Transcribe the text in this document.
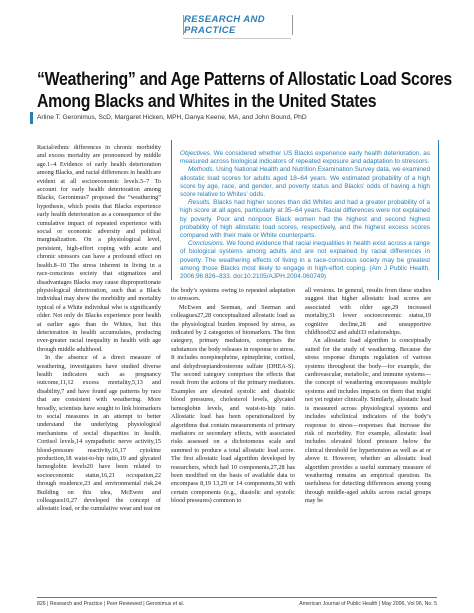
RESEARCH AND PRACTICE
“Weathering” and Age Patterns of Allostatic Load Scores
Among Blacks and Whites in the United States
Arline T. Geronimus, ScD, Margaret Hicken, MPH, Danya Keene, MA, and John Bound, PhD

Racial/ethnic differences in chronic morbidity and excess mortality are pronounced by middle age.1–4 Evidence of early health deterioration among Blacks, and racial differences in health are evident at all socioeconomic levels.5–7 To account for early health deterioration among Blacks, Geronimus7 proposed the “weathering” hypothesis, which posits that Blacks experience early health deterioration as a consequence of the cumulative impact of repeated experience with social or economic adversity and political marginalization. On a physiological level, persistent, high-effort coping with acute and chronic stressors can have a profound effect on health.8–10 The stress inherent in living in a race-conscious society that stigmatizes and disadvantages Blacks may cause disproportionate physiological deterioration, such that a Black individual may show the morbidity and mortality typical of a White individual who is significantly older. Not only do Blacks experience poor health at earlier ages than do Whites, but this deterioration in health accumulates, producing ever-greater racial inequality in health with age through middle adulthood.

In the absence of a direct measure of weathering, investigators have studied diverse health indicators such as pregnancy outcome,11,12 excess mortality,5,13 and disability,7 and have found age patterns by race that are consistent with weathering. More broadly, scientists have sought to link biomarkers to social measures in an attempt to better understand the underlying physiological mechanisms of social disparities in health. Cortisol levels,14 sympathetic nerve activity,15 blood-pressure reactivity,16,17 cytokine production,18 waist-to-hip ratio,19 and glycated hemoglobin levels20 have been related to socioeconomic status,16,21 occupation,22 through residence,23 and environmental risk.24 Building on this idea, McEwen and colleagues10,27 developed the concept of allostatic load, or the cumulative wear and tear on

Objectives. We considered whether US Blacks experience early health deterioration, as measured across biological indicators of repeated exposure and adaptation to stressors.

Methods. Using National Health and Nutrition Examination Survey data, we examined allostatic load scores for adults aged 18–64 years. We estimated probability of a high score by age, race, and gender, and poverty status and Blacks’ odds of having a high score relative to Whites’ odds.

Results. Blacks had higher scores than did Whites and had a greater probability of a high score at all ages, particularly at 35–64 years. Racial differences were not explained by poverty. Poor and nonpoor Black women had the highest and second highest probability of high allostatic load scores, respectively, and the highest excess scores compared with their male or White counterparts.

Conclusions. We found evidence that racial inequalities in health exist across a range of biological systems among adults and are not explained by racial differences in poverty. The weathering effects of living in a race-conscious society may be greatest among those Blacks most likely to engage in high-effort coping. (Am J Public Health. 2006;96:826–833. doi:10.2105/AJPH.2004.060749)

the body’s systems owing to repeated adaptation to stressors.

McEwen and Seeman, and Seeman and colleagues27,28 conceptualized allostatic load as the physiological burden imposed by stress, as indicated by 2 categories of biomarkers. The first category, primary mediators, comprises the substances the body releases in response to stress. It includes norepinephrine, epinephrine, cortisol, and dehydroepiandrosterone sulfate (DHEA-S). The second category comprises the effects that result from the actions of the primary mediators. Examples are elevated systolic and diastolic blood pressures, cholesterol levels, glycated hemoglobin levels, and waist-to-hip ratio. Allostatic load has been operationalized by algorithms that contain measurements of primary mediators or secondary effects, with associated risks assessed on a dichotomous scale and summed to produce a total allostatic load score. The first allostatic load algorithm developed by researchers, which had 10 components,27,28 has been modified on the basis of available data to encompass 8,19 13,29 or 14 components,30 with certain components (e.g., diastolic and systolic blood pressures) common to

all versions. In general, results from these studies suggest that higher allostatic load scores are associated with older age,29 increased mortality,31 lower socioeconomic status,19 cognitive decline,28 and unsupportive childhood32 and adult33 relationships.

An allostatic load algorithm is conceptually suited for the study of weathering. Because the stress response disrupts regulation of various systems throughout the body—for example, the cardiovascular, metabolic, and immune systems—the concept of weathering encompasses multiple systems and includes impacts on them that might not yet register clinically. Similarly, allostatic load is measured across physiological systems and includes subclinical indicators of the body’s response to stress—responses that increase the risk of morbidity. For example, allostatic load includes elevated blood pressure below the clinical threshold for hypertension as well as at or above it. However, whether an allostatic load algorithm provides a useful summary measure of weathering remains an empirical question. Its usefulness for detecting differences among young through middle-aged adults across racial groups may be

826 | Research and Practice | Peer Reviewed | Geronimus et al.	American Journal of Public Health | May 2006, Vol 96, No. 5
